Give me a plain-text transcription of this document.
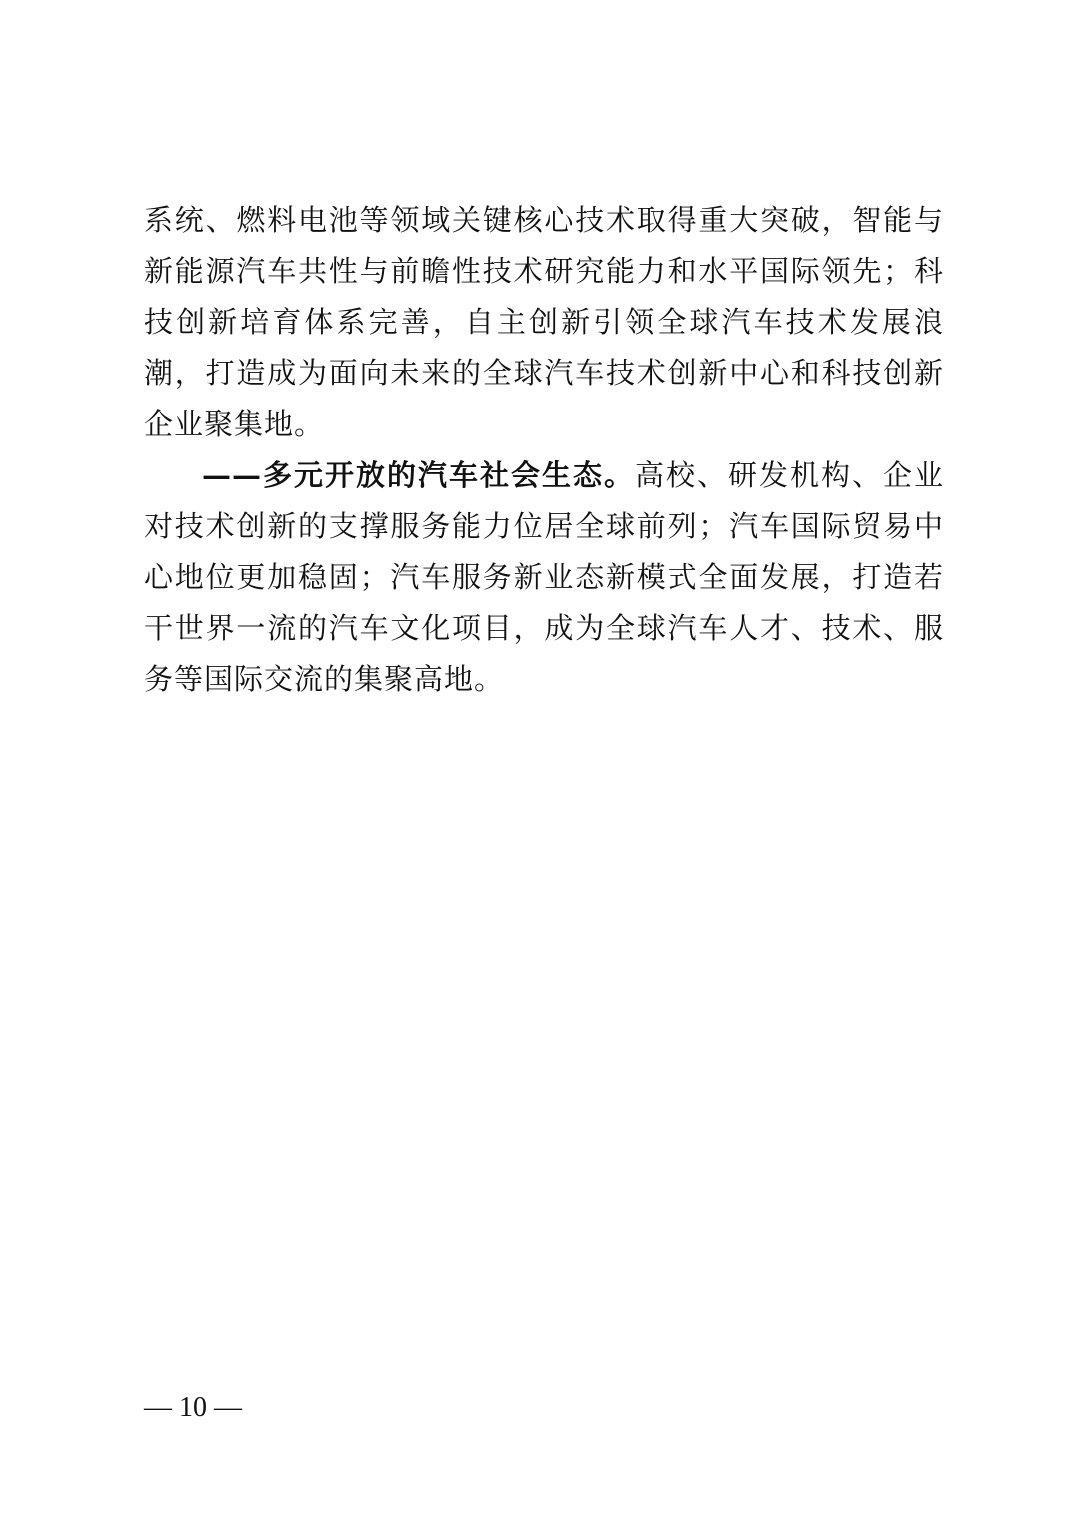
系统、燃料电池等领域关键核心技术取得重大突破，智能与新能源汽车共性与前瞻性技术研究能力和水平国际领先；科技创新培育体系完善，自主创新引领全球汽车技术发展浪潮，打造成为面向未来的全球汽车技术创新中心和科技创新企业聚集地。

——多元开放的汽车社会生态。高校、研发机构、企业对技术创新的支撑服务能力位居全球前列；汽车国际贸易中心地位更加稳固；汽车服务新业态新模式全面发展，打造若干世界一流的汽车文化项目，成为全球汽车人才、技术、服务等国际交流的集聚高地。

— 10 —
